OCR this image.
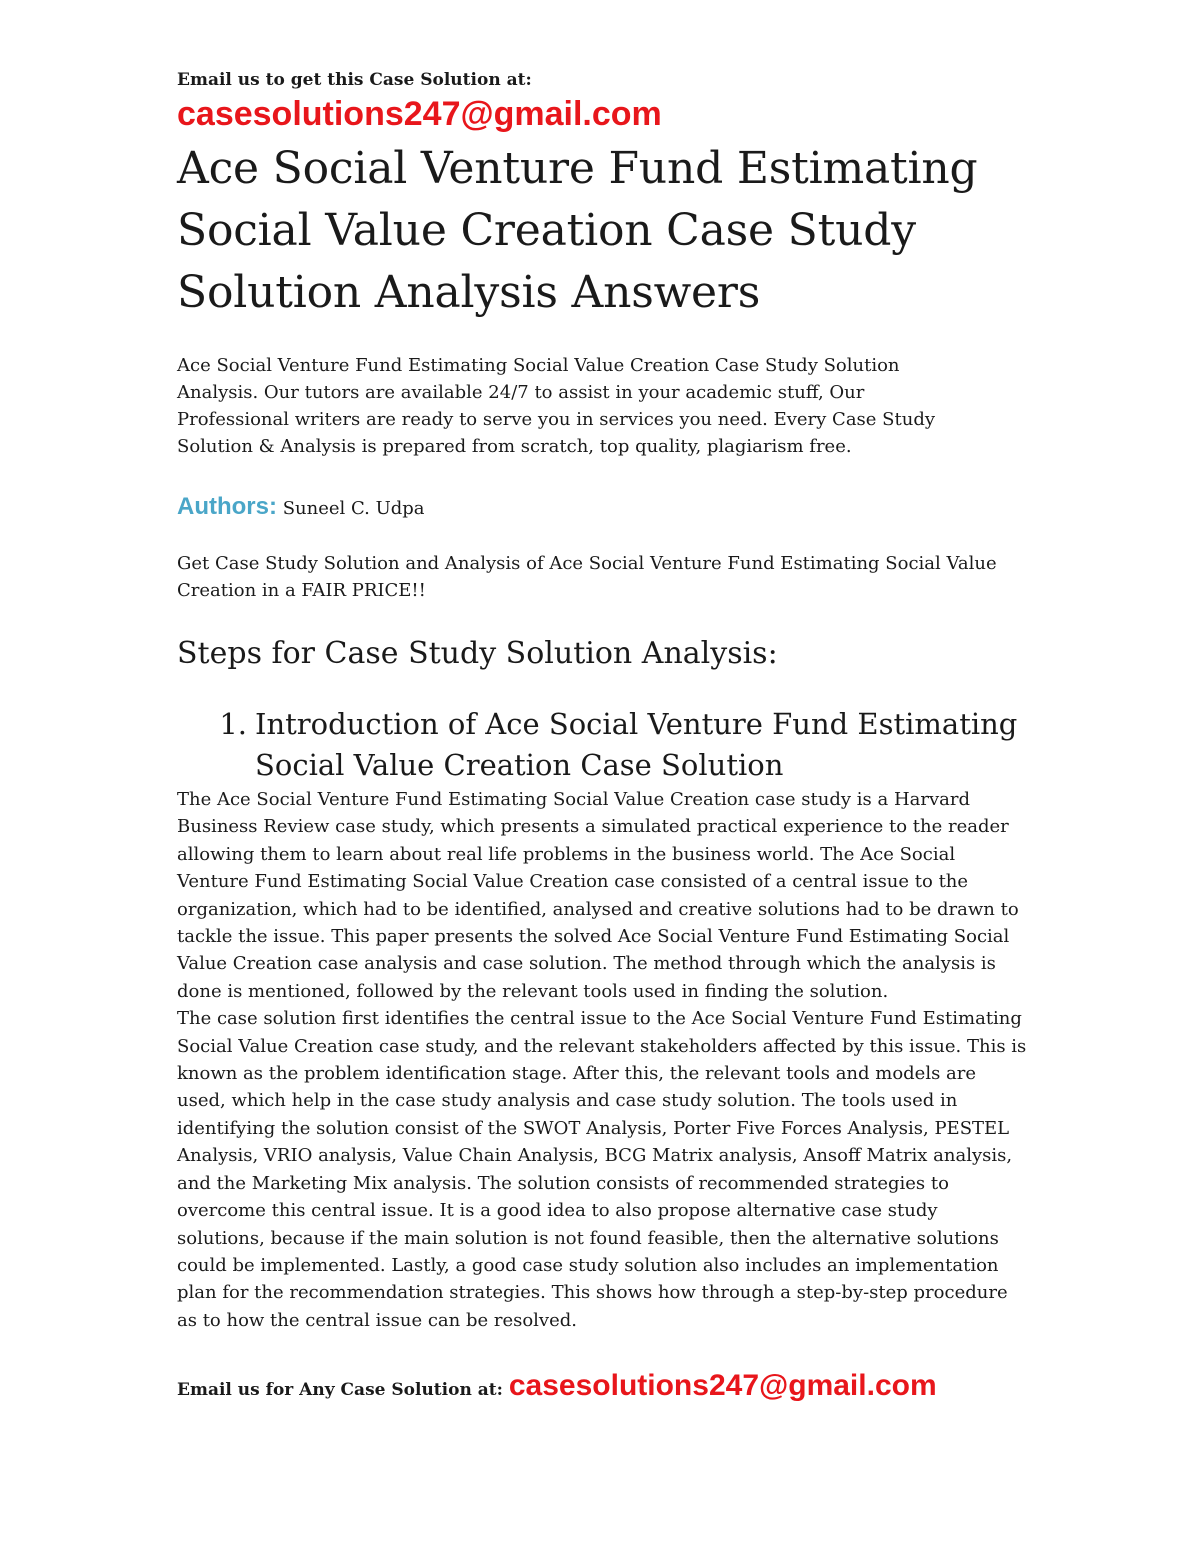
Email us to get this Case Solution at:

casesolutions247@gmail.com

Ace Social Venture Fund Estimating Social Value Creation Case Study Solution Analysis Answers

Ace Social Venture Fund Estimating Social Value Creation Case Study Solution Analysis. Our tutors are available 24/7 to assist in your academic stuff, Our Professional writers are ready to serve you in services you need. Every Case Study Solution & Analysis is prepared from scratch, top quality, plagiarism free.

Authors: Suneel C. Udpa

Get Case Study Solution and Analysis of Ace Social Venture Fund Estimating Social Value Creation in a FAIR PRICE!!

Steps for Case Study Solution Analysis:
1. Introduction of Ace Social Venture Fund Estimating Social Value Creation Case Solution

The Ace Social Venture Fund Estimating Social Value Creation case study is a Harvard Business Review case study, which presents a simulated practical experience to the reader allowing them to learn about real life problems in the business world. The Ace Social Venture Fund Estimating Social Value Creation case consisted of a central issue to the organization, which had to be identified, analysed and creative solutions had to be drawn to tackle the issue. This paper presents the solved Ace Social Venture Fund Estimating Social Value Creation case analysis and case solution. The method through which the analysis is done is mentioned, followed by the relevant tools used in finding the solution.

The case solution first identifies the central issue to the Ace Social Venture Fund Estimating Social Value Creation case study, and the relevant stakeholders affected by this issue. This is known as the problem identification stage. After this, the relevant tools and models are used, which help in the case study analysis and case study solution. The tools used in identifying the solution consist of the SWOT Analysis, Porter Five Forces Analysis, PESTEL Analysis, VRIO analysis, Value Chain Analysis, BCG Matrix analysis, Ansoff Matrix analysis, and the Marketing Mix analysis. The solution consists of recommended strategies to overcome this central issue. It is a good idea to also propose alternative case study solutions, because if the main solution is not found feasible, then the alternative solutions could be implemented. Lastly, a good case study solution also includes an implementation plan for the recommendation strategies. This shows how through a step-by-step procedure as to how the central issue can be resolved.

Email us for Any Case Solution at: casesolutions247@gmail.com
